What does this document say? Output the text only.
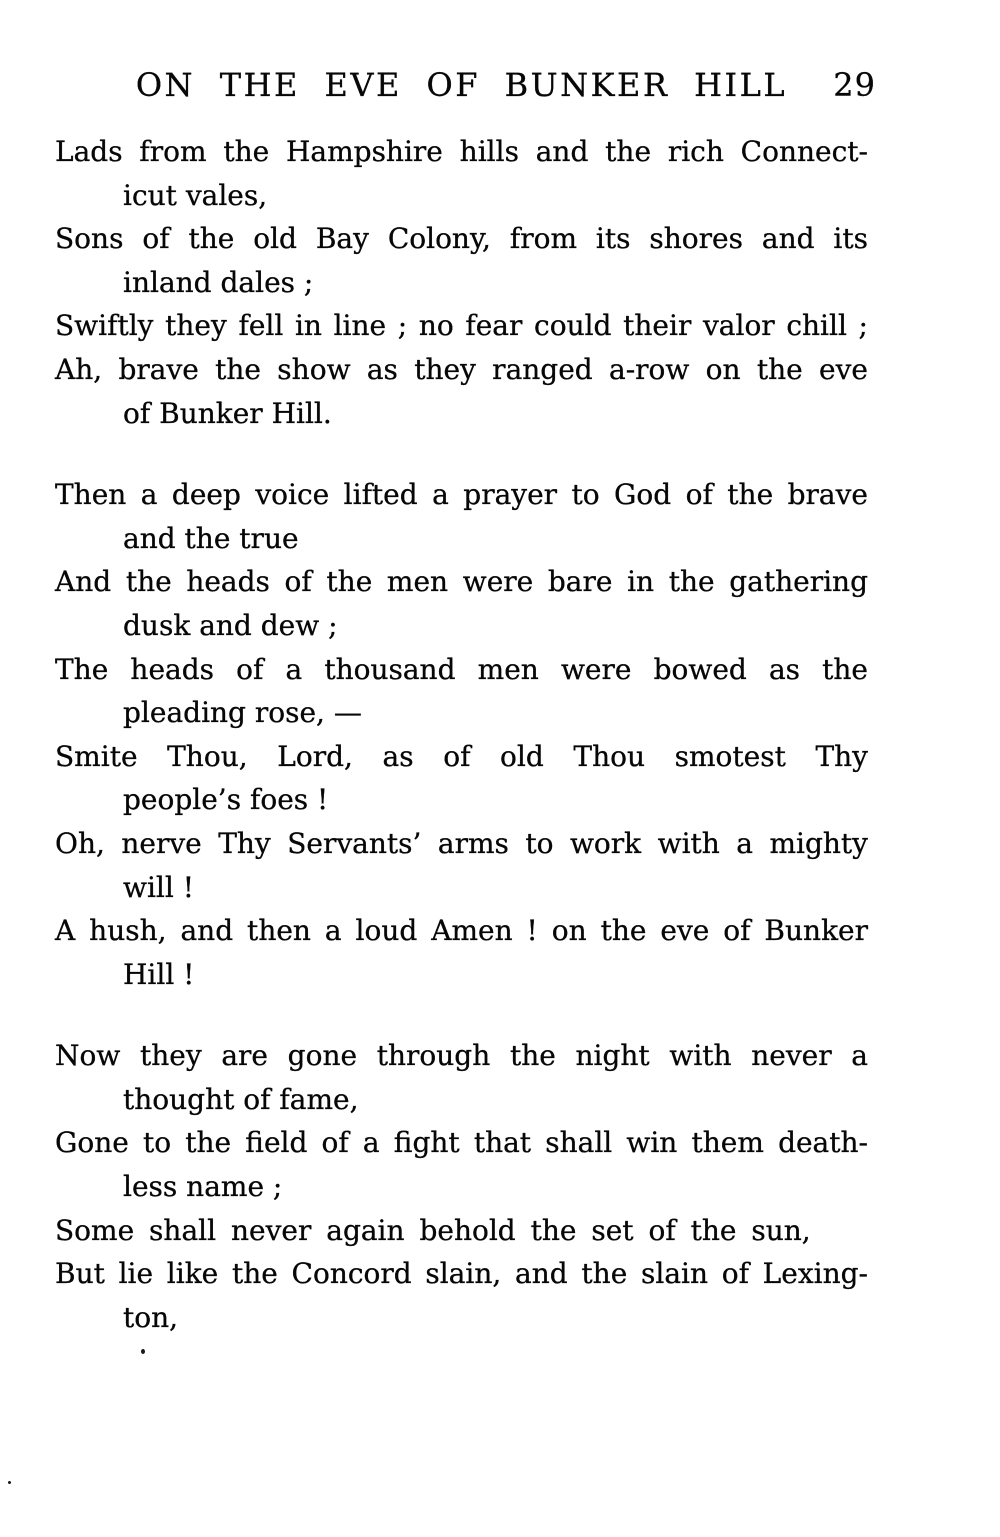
ON THE EVE OF BUNKER HILL 29
Lads from the Hampshire hills and the rich Connect-
icut vales,
Sons of the old Bay Colony, from its shores and its
inland dales ;
Swiftly they fell in line ; no fear could their valor chill ;
Ah, brave the show as they ranged a-row on the eve
of Bunker Hill.
Then a deep voice lifted a prayer to God of the brave
and the true
And the heads of the men were bare in the gathering
dusk and dew ;
The heads of a thousand men were bowed as the
pleading rose, —
Smite Thou, Lord, as of old Thou smotest Thy
people’s foes !
Oh, nerve Thy Servants’ arms to work with a mighty
will !
A hush, and then a loud Amen ! on the eve of Bunker
Hill !
Now they are gone through the night with never a
thought of fame,
Gone to the field of a fight that shall win them death-
less name ;
Some shall never again behold the set of the sun,
But lie like the Concord slain, and the slain of Lexing-
ton,
